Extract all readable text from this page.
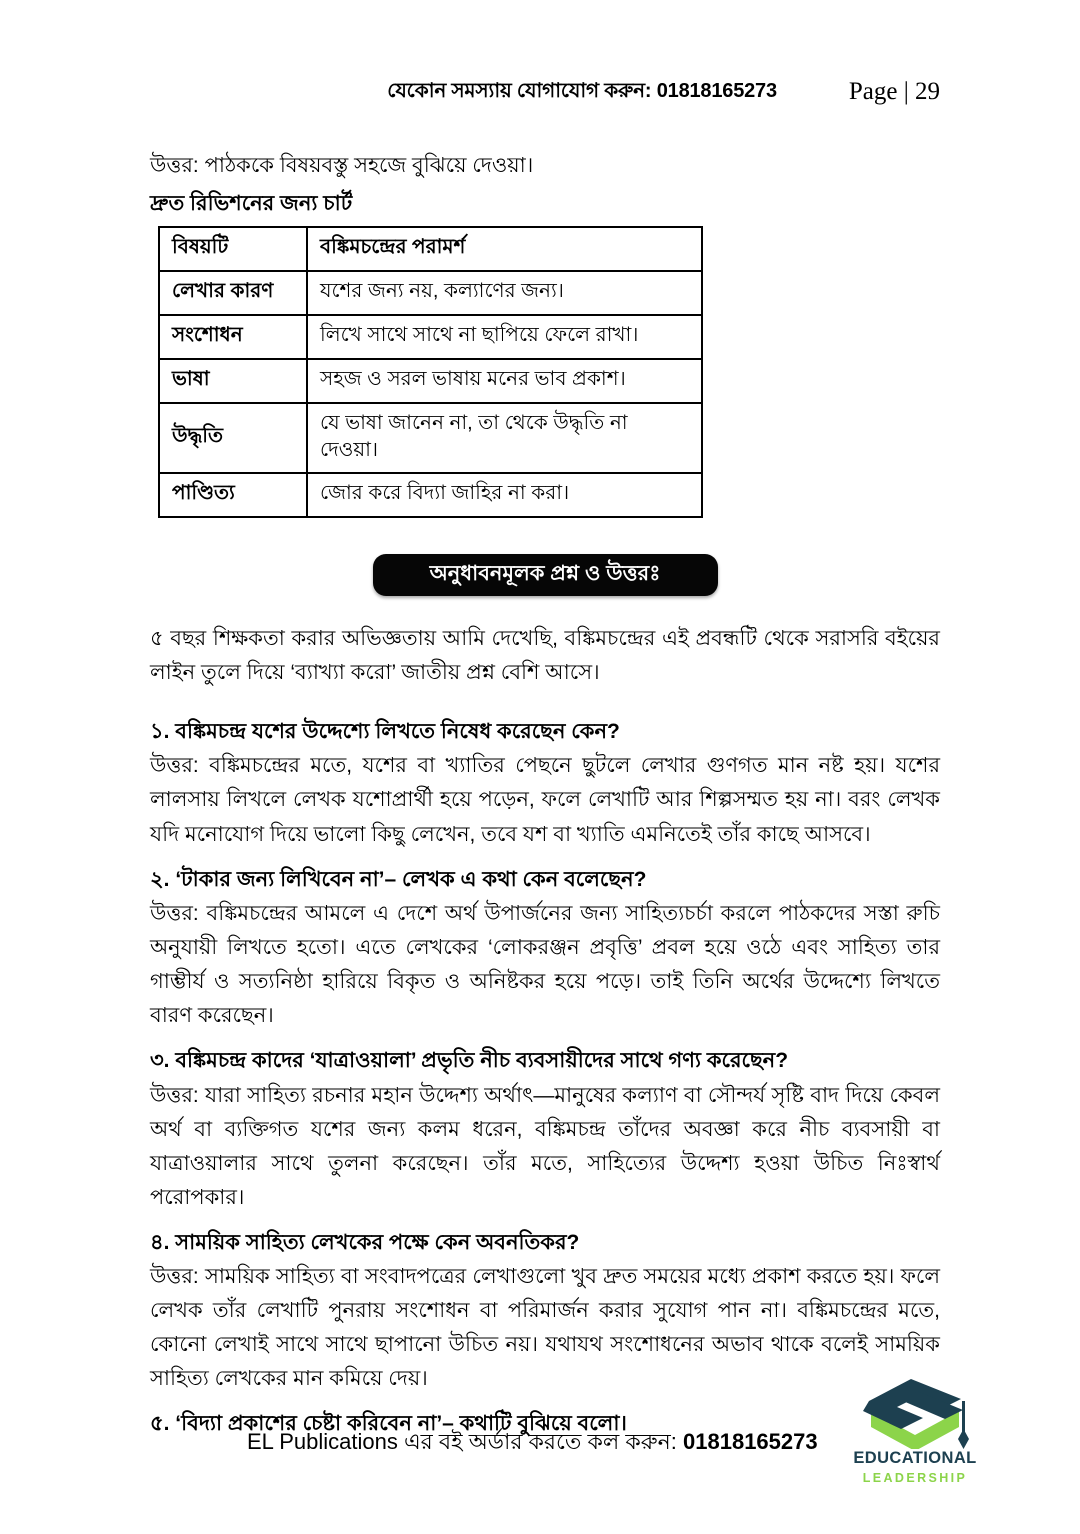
যেকোন সমস্যায় যোগাযোগ করুন: 01818165273	Page | 29

উত্তর: পাঠককে বিষয়বস্তু সহজে বুঝিয়ে দেওয়া।

দ্রুত রিভিশনের জন্য চার্ট

বিষয়টি	বঙ্কিমচন্দ্রের পরামর্শ
লেখার কারণ	যশের জন্য নয়, কল্যাণের জন্য।
সংশোধন	লিখে সাথে সাথে না ছাপিয়ে ফেলে রাখা।
ভাষা	সহজ ও সরল ভাষায় মনের ভাব প্রকাশ।
উদ্ধৃতি	যে ভাষা জানেন না, তা থেকে উদ্ধৃতি না দেওয়া।
পাণ্ডিত্য	জোর করে বিদ্যা জাহির না করা।
অনুধাবনমূলক প্রশ্ন ও উত্তরঃ

৫ বছর শিক্ষকতা করার অভিজ্ঞতায় আমি দেখেছি, বঙ্কিমচন্দ্রের এই প্রবন্ধটি থেকে সরাসরি বইয়ের লাইন তুলে দিয়ে ‘ব্যাখ্যা করো’ জাতীয় প্রশ্ন বেশি আসে।

১. বঙ্কিমচন্দ্র যশের উদ্দেশ্যে লিখতে নিষেধ করেছেন কেন?

উত্তর: বঙ্কিমচন্দ্রের মতে, যশের বা খ্যাতির পেছনে ছুটলে লেখার গুণগত মান নষ্ট হয়। যশের লালসায় লিখলে লেখক যশোপ্রার্থী হয়ে পড়েন, ফলে লেখাটি আর শিল্পসম্মত হয় না। বরং লেখক যদি মনোযোগ দিয়ে ভালো কিছু লেখেন, তবে যশ বা খ্যাতি এমনিতেই তাঁর কাছে আসবে।

২. ‘টাকার জন্য লিখিবেন না’– লেখক এ কথা কেন বলেছেন?

উত্তর: বঙ্কিমচন্দ্রের আমলে এ দেশে অর্থ উপার্জনের জন্য সাহিত্যচর্চা করলে পাঠকদের সস্তা রুচি অনুযায়ী লিখতে হতো। এতে লেখকের ‘লোকরঞ্জন প্রবৃত্তি’ প্রবল হয়ে ওঠে এবং সাহিত্য তার গাম্ভীর্য ও সত্যনিষ্ঠা হারিয়ে বিকৃত ও অনিষ্টকর হয়ে পড়ে। তাই তিনি অর্থের উদ্দেশ্যে লিখতে বারণ করেছেন।

৩. বঙ্কিমচন্দ্র কাদের ‘যাত্রাওয়ালা’ প্রভৃতি নীচ ব্যবসায়ীদের সাথে গণ্য করেছেন?

উত্তর: যারা সাহিত্য রচনার মহান উদ্দেশ্য অর্থাৎ—মানুষের কল্যাণ বা সৌন্দর্য সৃষ্টি বাদ দিয়ে কেবল অর্থ বা ব্যক্তিগত যশের জন্য কলম ধরেন, বঙ্কিমচন্দ্র তাঁদের অবজ্ঞা করে নীচ ব্যবসায়ী বা যাত্রাওয়ালার সাথে তুলনা করেছেন। তাঁর মতে, সাহিত্যের উদ্দেশ্য হওয়া উচিত নিঃস্বার্থ পরোপকার।

৪. সাময়িক সাহিত্য লেখকের পক্ষে কেন অবনতিকর?

উত্তর: সাময়িক সাহিত্য বা সংবাদপত্রের লেখাগুলো খুব দ্রুত সময়ের মধ্যে প্রকাশ করতে হয়। ফলে লেখক তাঁর লেখাটি পুনরায় সংশোধন বা পরিমার্জন করার সুযোগ পান না। বঙ্কিমচন্দ্রের মতে, কোনো লেখাই সাথে সাথে ছাপানো উচিত নয়। যথাযথ সংশোধনের অভাব থাকে বলেই সাময়িক সাহিত্য লেখকের মান কমিয়ে দেয়।

৫. ‘বিদ্যা প্রকাশের চেষ্টা করিবেন না’– কথাটি বুঝিয়ে বলো।

EL Publications এর বই অর্ডার করতে কল করুন: 01818165273
EDUCATIONAL
LEADERSHIP
